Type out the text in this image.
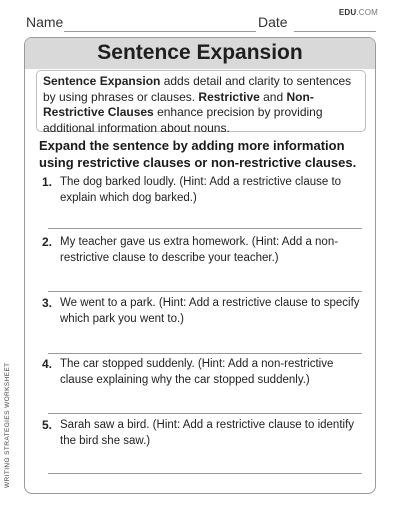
Name	Date
EDU.COM
Sentence Expansion
Sentence Expansion adds detail and clarity to sentences by using phrases or clauses. Restrictive and Non-Restrictive Clauses enhance precision by providing additional information about nouns.
Expand the sentence by adding more information using restrictive clauses or non-restrictive clauses.
1. The dog barked loudly. (Hint: Add a restrictive clause to explain which dog barked.)
2. My teacher gave us extra homework. (Hint: Add a non-restrictive clause to describe your teacher.)
3. We went to a park. (Hint: Add a restrictive clause to specify which park you went to.)
4. The car stopped suddenly. (Hint: Add a non-restrictive clause explaining why the car stopped suddenly.)
5. Sarah saw a bird. (Hint: Add a restrictive clause to identify the bird she saw.)
WRITING STRATEGIES WORKSHEET
